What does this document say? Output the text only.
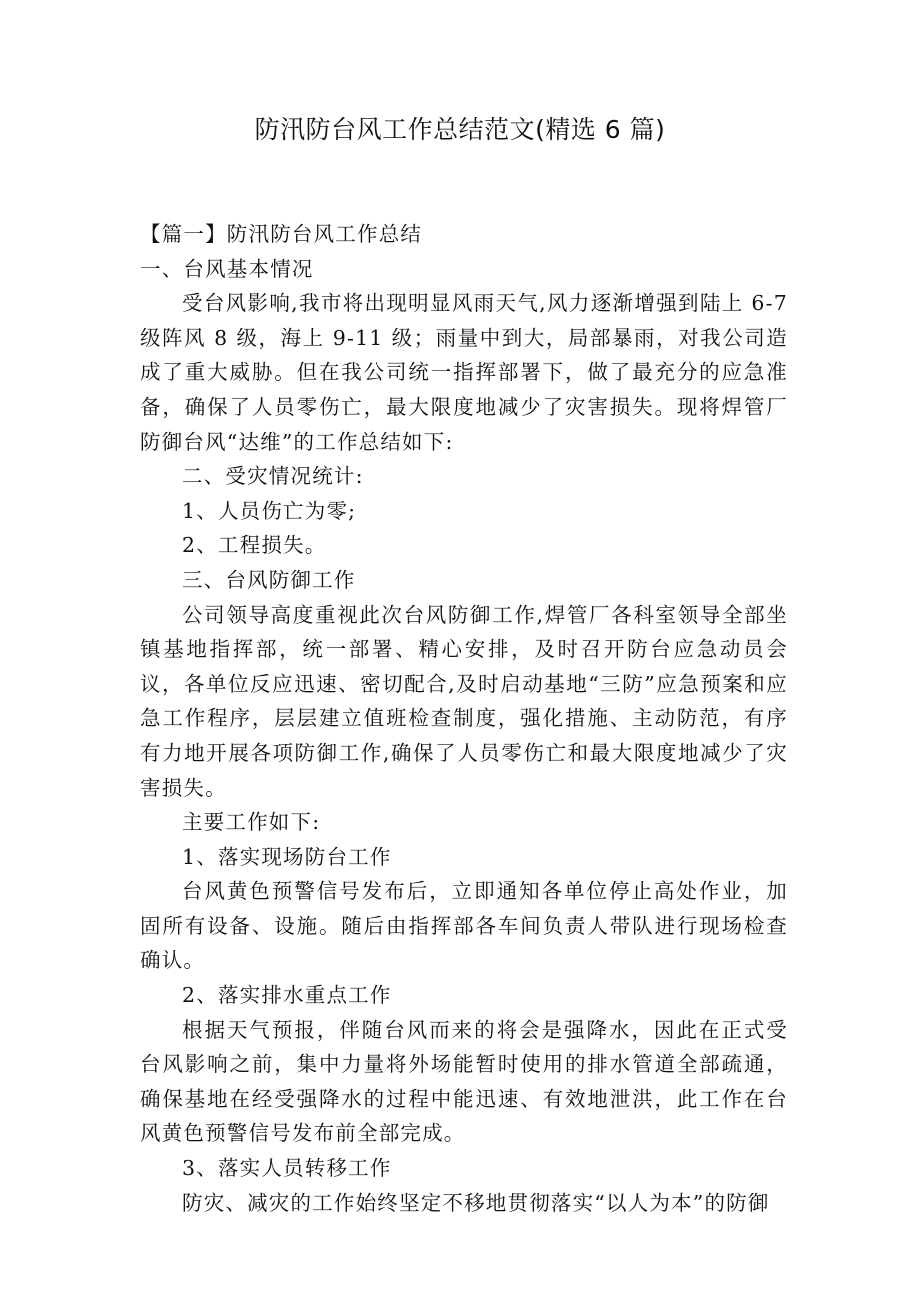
防汛防台风工作总结范文(精选 6 篇)

【篇一】防汛防台风工作总结

一、台风基本情况

受台风影响,我市将出现明显风雨天气,风力逐渐增强到陆上 6-7 级阵风 8 级，海上 9-11 级；雨量中到大，局部暴雨，对我公司造成了重大威胁。但在我公司统一指挥部署下，做了最充分的应急准备，确保了人员零伤亡，最大限度地减少了灾害损失。现将焊管厂防御台风“达维”的工作总结如下:

二、受灾情况统计:

1、人员伤亡为零;

2、工程损失。

三、台风防御工作

公司领导高度重视此次台风防御工作,焊管厂各科室领导全部坐镇基地指挥部，统一部署、精心安排，及时召开防台应急动员会议，各单位反应迅速、密切配合,及时启动基地“三防”应急预案和应急工作程序，层层建立值班检查制度，强化措施、主动防范，有序有力地开展各项防御工作,确保了人员零伤亡和最大限度地减少了灾害损失。

主要工作如下:

1、落实现场防台工作

台风黄色预警信号发布后，立即通知各单位停止高处作业，加固所有设备、设施。随后由指挥部各车间负责人带队进行现场检查确认。

2、落实排水重点工作

根据天气预报，伴随台风而来的将会是强降水，因此在正式受台风影响之前，集中力量将外场能暂时使用的排水管道全部疏通，确保基地在经受强降水的过程中能迅速、有效地泄洪，此工作在台风黄色预警信号发布前全部完成。

3、落实人员转移工作

防灾、减灾的工作始终坚定不移地贯彻落实“以人为本”的防御
